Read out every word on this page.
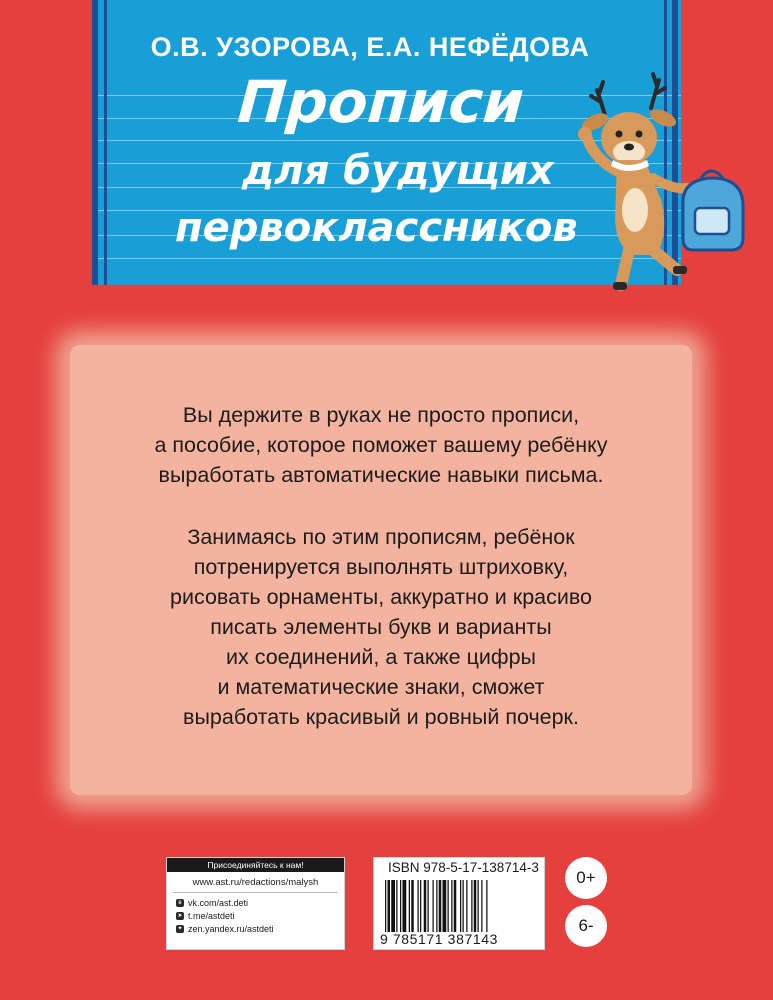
О.В. УЗОРОВА, Е.А. НЕФЁДОВА
Прописи
для будущих
первоклассников

Вы держите в руках не просто прописи,
а пособие, которое поможет вашему ребёнку
выработать автоматические навыки письма.

Занимаясь по этим прописям, ребёнок
потренируется выполнять штриховку,
рисовать орнаменты, аккуратно и красиво
писать элементы букв и варианты
их соединений, а также цифры
и математические знаки, сможет
выработать красивый и ровный почерк.

Присоединяйтесь к нам!
www.ast.ru/redactions/malysh
в vk.com/ast.deti
➤ t.me/astdeti
✦ zen.yandex.ru/astdeti
ISBN 978-5-17-138714-3
9 785171 387143
0+
6-
